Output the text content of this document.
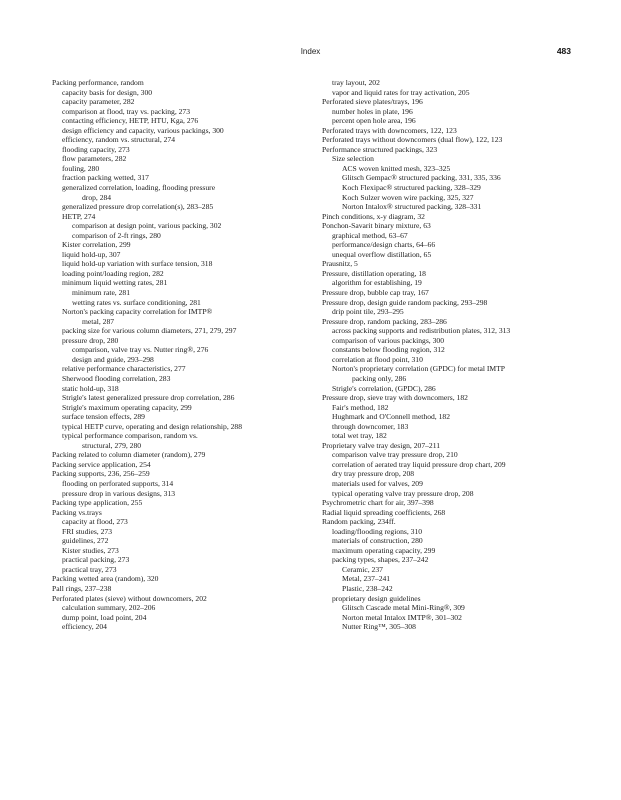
Index	483

Packing performance, random

capacity basis for design, 300

capacity parameter, 282

comparison at flood, tray vs. packing, 273

contacting efficiency, HETP, HTU, Kga, 276

design efficiency and capacity, various packings, 300

efficiency, random vs. structural, 274

flooding capacity, 273

flow parameters, 282

fouling, 280

fraction packing wetted, 317

generalized correlation, loading, flooding pressure

drop, 284

generalized pressure drop correlation(s), 283–285

HETP, 274

comparison at design point, various packing, 302

comparison of 2-ft rings, 280

Kister correlation, 299

liquid hold-up, 307

liquid hold-up variation with surface tension, 318

loading point/loading region, 282

minimum liquid wetting rates, 281

minimum rate, 281

wetting rates vs. surface conditioning, 281

Norton's packing capacity correlation for IMTP®

metal, 287

packing size for various column diameters, 271, 279, 297

pressure drop, 280

comparison, valve tray vs. Nutter ring®, 276

design and guide, 293–298

relative performance characteristics, 277

Sherwood flooding correlation, 283

static hold-up, 318

Strigle's latest generalized pressure drop correlation, 286

Strigle's maximum operating capacity, 299

surface tension effects, 289

typical HETP curve, operating and design relationship, 288

typical performance comparison, random vs.

structural, 279, 280

Packing related to column diameter (random), 279

Packing service application, 254

Packing supports, 236, 256–259

flooding on perforated supports, 314

pressure drop in various designs, 313

Packing type application, 255

Packing vs.trays

capacity at flood, 273

FRI studies, 273

guidelines, 272

Kister studies, 273

practical packing, 273

practical tray, 273

Packing wetted area (random), 320

Pall rings, 237–238

Perforated plates (sieve) without downcomers, 202

calculation summary, 202–206

dump point, load point, 204

efficiency, 204

tray layout, 202

vapor and liquid rates for tray activation, 205

Perforated sieve plates/trays, 196

number holes in plate, 196

percent open hole area, 196

Perforated trays with downcomers, 122, 123

Perforated trays without downcomers (dual flow), 122, 123

Performance structured packings, 323

Size selection

ACS woven knitted mesh, 323–325

Glitsch Gempac® structured packing, 331, 335, 336

Koch Flexipac® structured packing, 328–329

Koch Sulzer woven wire packing, 325, 327

Norton Intalox® structured packing, 328–331

Pinch conditions, x-y diagram, 32

Ponchon-Savarit binary mixture, 63

graphical method, 63–67

performance/design charts, 64–66

unequal overflow distillation, 65

Prausnitz, 5

Pressure, distillation operating, 18

algorithm for establishing, 19

Pressure drop, bubble cap tray, 167

Pressure drop, design guide random packing, 293–298

drip point tile, 293–295

Pressure drop, random packing, 283–286

across packing supports and redistribution plates, 312, 313

comparison of various packings, 300

constants below flooding region, 312

correlation at flood point, 310

Norton's proprietary correlation (GPDC) for metal IMTP

packing only, 286

Strigle's correlation, (GPDC), 286

Pressure drop, sieve tray with downcomers, 182

Fair's method, 182

Hughmark and O'Connell method, 182

through downcomer, 183

total wet tray, 182

Proprietary valve tray design, 207–211

comparison valve tray pressure drop, 210

correlation of aerated tray liquid pressure drop chart, 209

dry tray pressure drop, 208

materials used for valves, 209

typical operating valve tray pressure drop, 208

Psychrometric chart for air, 397–398

Radial liquid spreading coefficients, 268

Random packing, 234ff.

loading/flooding regions, 310

materials of construction, 280

maximum operating capacity, 299

packing types, shapes, 237–242

Ceramic, 237

Metal, 237–241

Plastic, 238–242

proprietary design guidelines

Glitsch Cascade metal Mini-Ring®, 309

Norton metal Intalox IMTP®, 301–302

Nutter Ring™, 305–308
